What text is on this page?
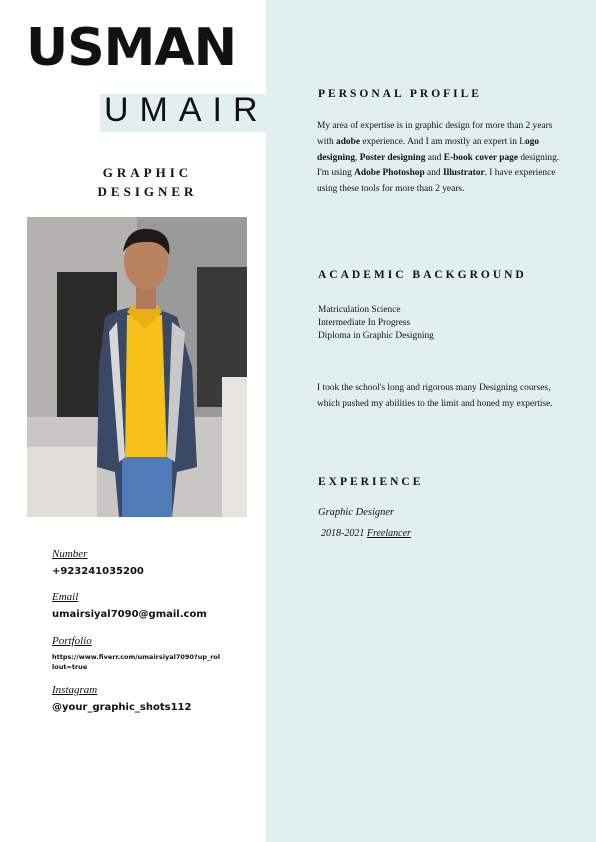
USMAN
UMAIR
GRAPHIC DESIGNER
Number
+923241035200
Email
umairsiyal7090@gmail.com
Portfolio
https://www.fiverr.com/umairsiyal7090?up_rollout=true
Instagram
@your_graphic_shots112
PERSONAL PROFILE
My area of expertise is in graphic design for more than 2 years with adobe experience. And I am mostly an expert in Logo designing, Poster designing and E-book cover page designing. I'm using Adobe Photoshop and Illustrator. I have experience using these tools for more than 2 years.
ACADEMIC BACKGROUND
Matriculation Science
Intermediate In Progress
Diploma in Graphic Designing
I took the school's long and rigorous many Designing courses, which pushed my abilities to the limit and honed my expertise.
EXPERIENCE
Graphic Designer
2018-2021 Freelancer
